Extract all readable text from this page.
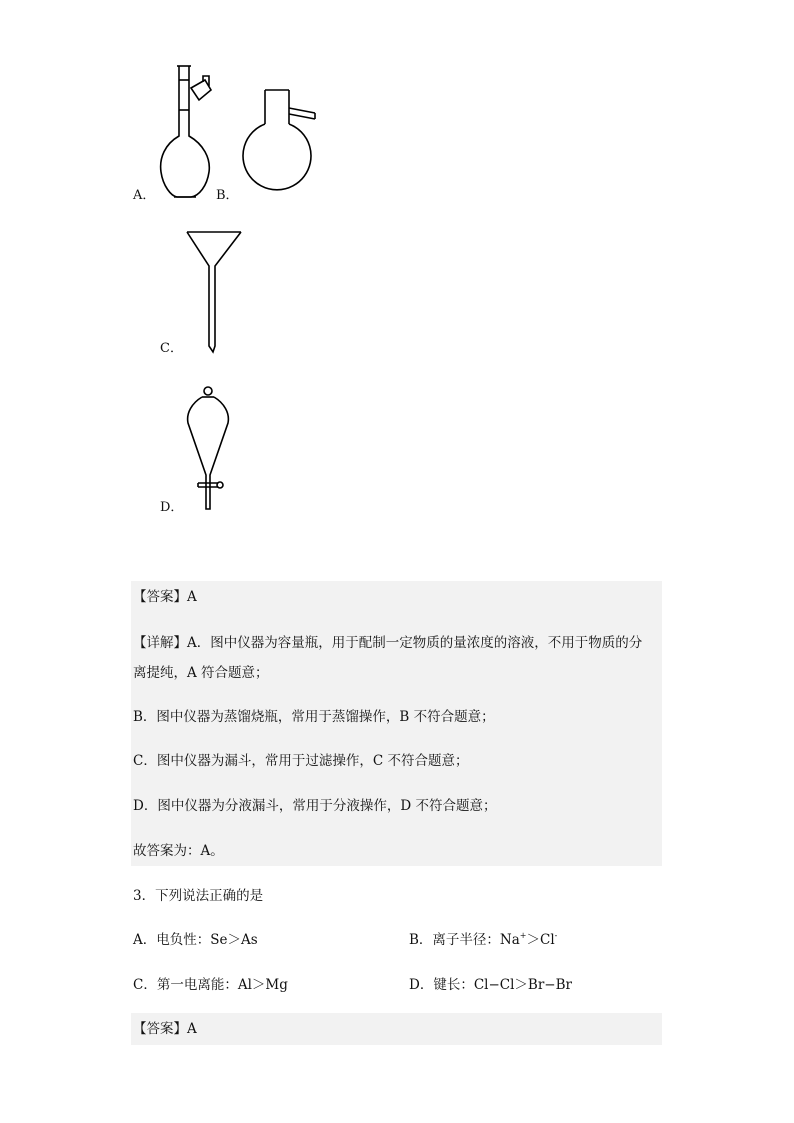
A．	B．
C．
D．
【答案】A
【详解】A．图中仪器为容量瓶，用于配制一定物质的量浓度的溶液，不用于物质的分
离提纯，A 符合题意；
B．图中仪器为蒸馏烧瓶，常用于蒸馏操作，B 不符合题意；
C．图中仪器为漏斗，常用于过滤操作，C 不符合题意；
D．图中仪器为分液漏斗，常用于分液操作，D 不符合题意；
故答案为：A。
3．下列说法正确的是
A．电负性：Se＞As	B．离子半径：Na+＞Cl-
C．第一电离能：Al＞Mg	D．键长：Cl−Cl＞Br−Br
【答案】A
